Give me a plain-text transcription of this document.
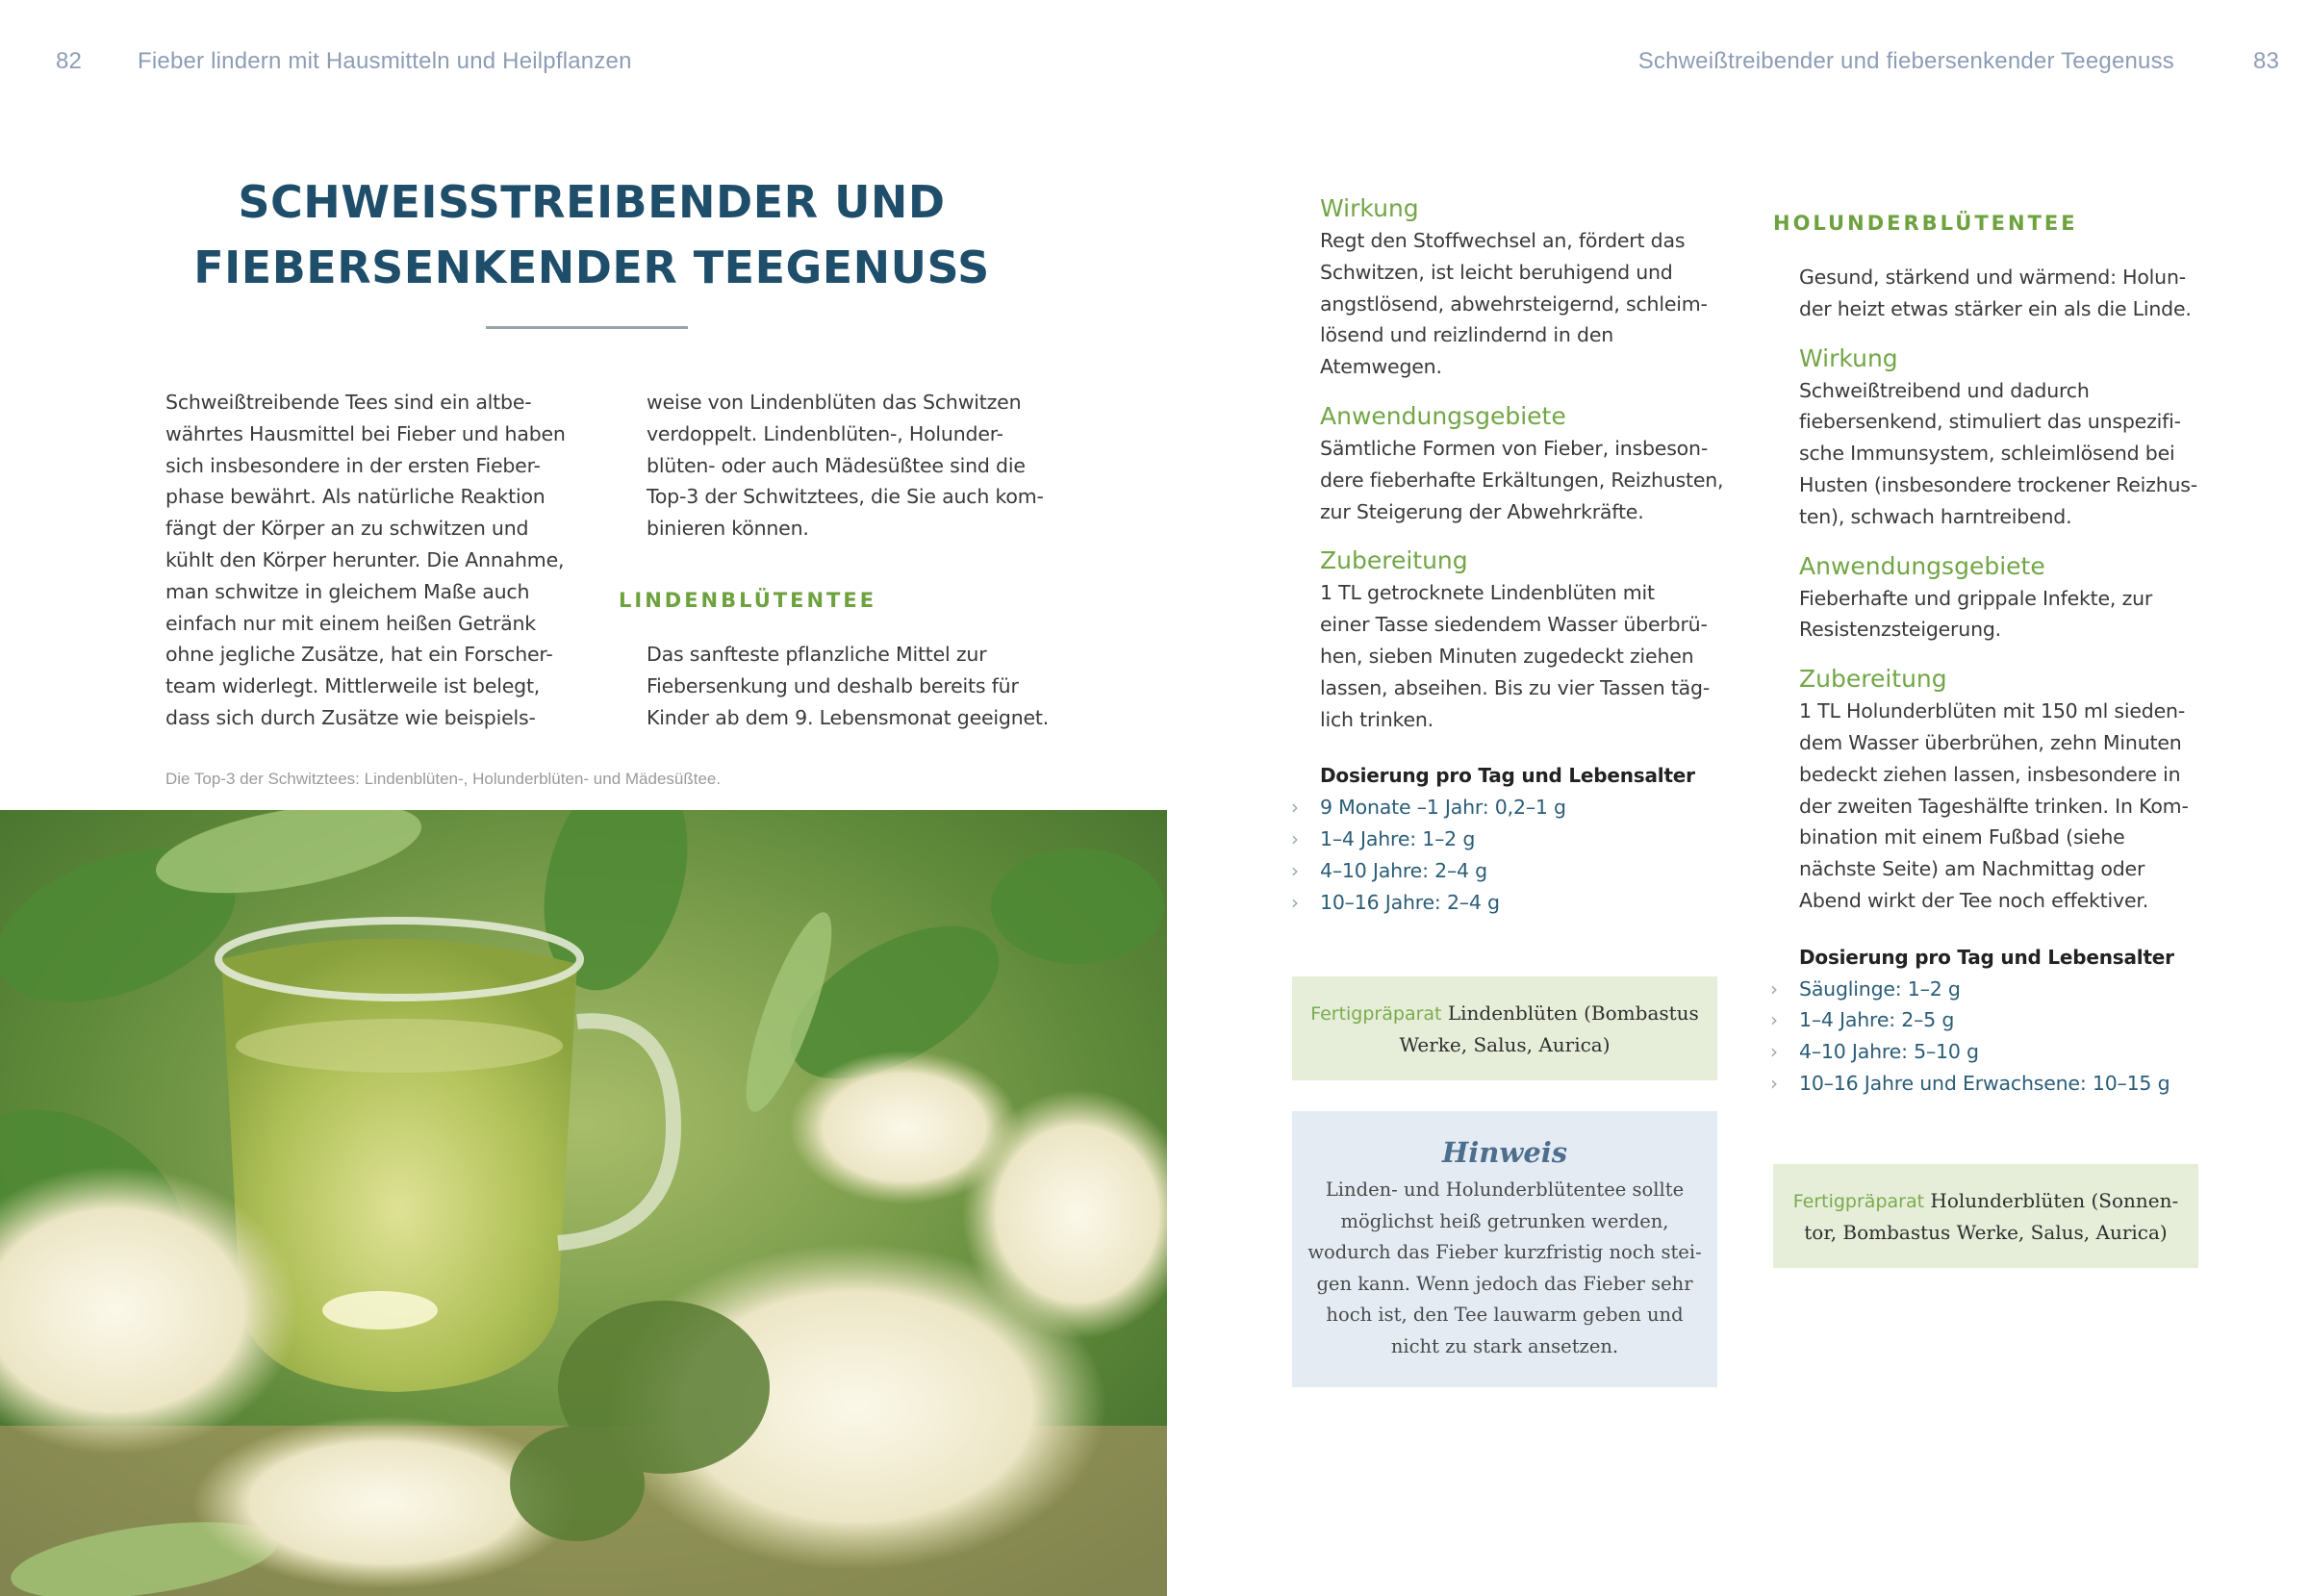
82 Fieber lindern mit Hausmitteln und Heilpflanzen	Schweißtreibender und fiebersenkender Teegenuss	83
SCHWEISSTREIBENDER UND
FIEBERSENKENDER TEEGENUSS
Schweißtreibende Tees sind ein altbe-
währtes Hausmittel bei Fieber und haben
sich insbesondere in der ersten Fieber-
phase bewährt. Als natürliche Reaktion
fängt der Körper an zu schwitzen und
kühlt den Körper herunter. Die Annahme,
man schwitze in gleichem Maße auch
einfach nur mit einem heißen Getränk
ohne jegliche Zusätze, hat ein Forscher-
team widerlegt. Mittlerweile ist belegt,
dass sich durch Zusätze wie beispiels-
weise von Lindenblüten das Schwitzen
verdoppelt. Lindenblüten-, Holunder-
blüten- oder auch Mädesüßtee sind die
Top-3 der Schwitztees, die Sie auch kom-
binieren können.
LINDENBLÜTENTEE
Das sanfteste pflanzliche Mittel zur
Fiebersenkung und deshalb bereits für
Kinder ab dem 9. Lebensmonat geeignet.
Die Top-3 der Schwitztees: Lindenblüten-, Holunderblüten- und Mädesüßtee.
Wirkung
Regt den Stoffwechsel an, fördert das
Schwitzen, ist leicht beruhigend und
angstlösend, abwehrsteigernd, schleim-
lösend und reizlindernd in den
Atemwegen.
Anwendungsgebiete
Sämtliche Formen von Fieber, insbeson-
dere fieberhafte Erkältungen, Reizhusten,
zur Steigerung der Abwehrkräfte.
Zubereitung
1 TL getrocknete Lindenblüten mit
einer Tasse siedendem Wasser überbrü-
hen, sieben Minuten zugedeckt ziehen
lassen, abseihen. Bis zu vier Tassen täg-
lich trinken.
Dosierung pro Tag und Lebensalter
› 9 Monate –1 Jahr: 0,2–1 g
› 1–4 Jahre: 1–2 g
› 4–10 Jahre: 2–4 g
› 10–16 Jahre: 2–4 g
Fertigpräparat Lindenblüten (Bombastus
Werke, Salus, Aurica)
Hinweis
Linden- und Holunderblütentee sollte
möglichst heiß getrunken werden,
wodurch das Fieber kurzfristig noch stei-
gen kann. Wenn jedoch das Fieber sehr
hoch ist, den Tee lauwarm geben und
nicht zu stark ansetzen.
HOLUNDERBLÜTENTEE
Gesund, stärkend und wärmend: Holun-
der heizt etwas stärker ein als die Linde.
Wirkung
Schweißtreibend und dadurch
fiebersenkend, stimuliert das unspezifi-
sche Immunsystem, schleimlösend bei
Husten (insbesondere trockener Reizhus-
ten), schwach harntreibend.
Anwendungsgebiete
Fieberhafte und grippale Infekte, zur
Resistenzsteigerung.
Zubereitung
1 TL Holunderblüten mit 150 ml sieden-
dem Wasser überbrühen, zehn Minuten
bedeckt ziehen lassen, insbesondere in
der zweiten Tageshälfte trinken. In Kom-
bination mit einem Fußbad (siehe
nächste Seite) am Nachmittag oder
Abend wirkt der Tee noch effektiver.
Dosierung pro Tag und Lebensalter
› Säuglinge: 1–2 g
› 1–4 Jahre: 2–5 g
› 4–10 Jahre: 5–10 g
› 10–16 Jahre und Erwachsene: 10–15 g
Fertigpräparat Holunderblüten (Sonnen-
tor, Bombastus Werke, Salus, Aurica)
